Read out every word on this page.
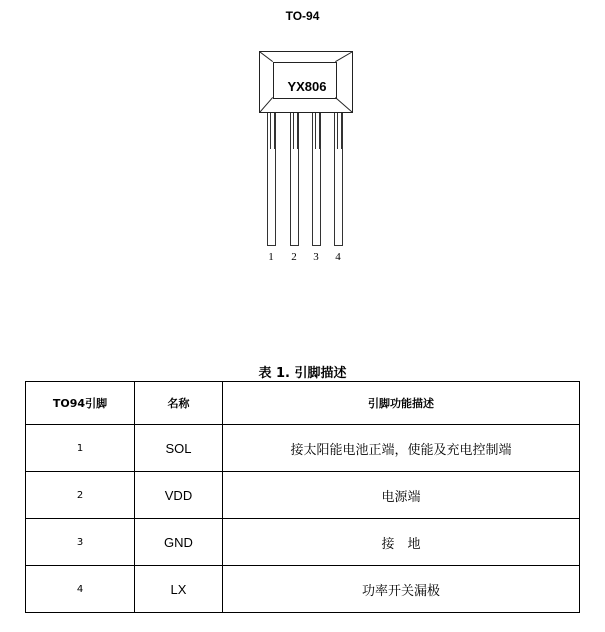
TO-94
YX806
1	2	3	4
表 1. 引脚描述
TO94引脚	名称	引脚功能描述
1	SOL	接太阳能电池正端，使能及充电控制端
2	VDD	电源端
3	GND	接　地
4	LX	功率开关漏极
